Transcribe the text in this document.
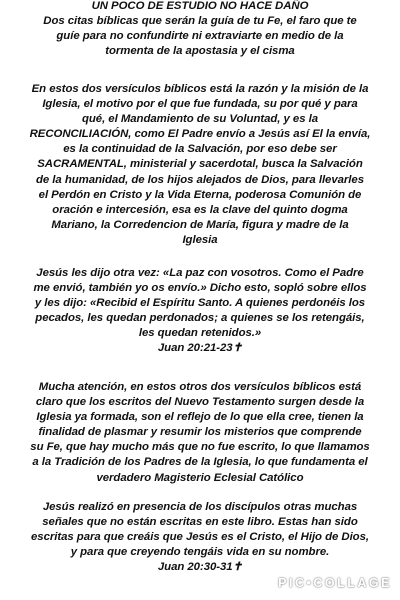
UN POCO DE ESTUDIO NO HACE DAÑO
Dos citas bíblicas que serán la guía de tu Fe, el faro que te
guíe para no confundirte ni extraviarte en medio de la
tormenta de la apostasia y el cisma
En estos dos versículos bíblicos está la razón y la misión de la
Iglesia, el motivo por el que fue fundada, su por qué y para
qué, el Mandamiento de su Voluntad, y es la
RECONCILIACIÓN, como El Padre envío a Jesús así El la envía,
es la continuidad de la Salvación, por eso debe ser
SACRAMENTAL, ministerial y sacerdotal, busca la Salvación
de la humanidad, de los hijos alejados de Dios, para llevarles
el Perdón en Cristo y la Vida Eterna, poderosa Comunión de
oración e intercesión, esa es la clave del quinto dogma
Mariano, la Corredencion de María, figura y madre de la
Iglesia
Jesús les dijo otra vez: «La paz con vosotros. Como el Padre
me envió, también yo os envío.» Dicho esto, sopló sobre ellos
y les dijo: «Recibid el Espíritu Santo. A quienes perdonéis los
pecados, les quedan perdonados; a quienes se los retengáis,
les quedan retenidos.»
Juan 20:21-23✝
Mucha atención, en estos otros dos versículos bíblicos está
claro que los escritos del Nuevo Testamento surgen desde la
Iglesia ya formada, son el reflejo de lo que ella cree, tienen la
finalidad de plasmar y resumir los misterios que comprende
su Fe, que hay mucho más que no fue escrito, lo que llamamos
a la Tradición de los Padres de la Iglesia, lo que fundamenta el
verdadero Magisterio Eclesial Católico
Jesús realizó en presencia de los discípulos otras muchas
señales que no están escritas en este libro. Estas han sido
escritas para que creáis que Jesús es el Cristo, el Hijo de Dios,
y para que creyendo tengáis vida en su nombre.
Juan 20:30-31✝
PIC•COLLAGE
